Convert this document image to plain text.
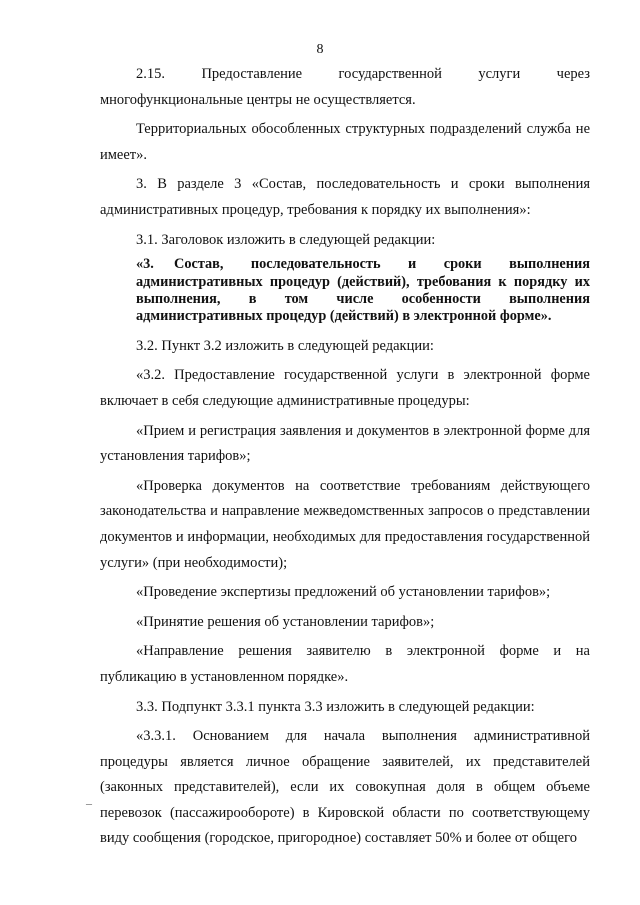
8
–

2.15. Предоставление государственной услуги через многофункциональные центры не осуществляется.

Территориальных обособленных структурных подразделений служба не имеет».

3. В разделе 3 «Состав, последовательность и сроки выполнения административных процедур, требования к порядку их выполнения»:

3.1. Заголовок изложить в следующей редакции:

«3. Состав, последовательность и сроки выполнения административных процедур (действий), требования к порядку их выполнения, в том числе особенности выполнения административных процедур (действий) в электронной форме».

3.2. Пункт 3.2 изложить в следующей редакции:

«3.2. Предоставление государственной услуги в электронной форме включает в себя следующие административные процедуры:

«Прием и регистрация заявления и документов в электронной форме для установления тарифов»;

«Проверка документов на соответствие требованиям действующего законодательства и направление межведомственных запросов о представлении документов и информации, необходимых для предоставления государственной услуги» (при необходимости);

«Проведение экспертизы предложений об установлении тарифов»;

«Принятие решения об установлении тарифов»;

«Направление решения заявителю в электронной форме и на публикацию в установленном порядке».

3.3. Подпункт 3.3.1 пункта 3.3 изложить в следующей редакции:

«3.3.1. Основанием для начала выполнения административной процедуры является личное обращение заявителей, их представителей (законных представителей), если их совокупная доля в общем объеме перевозок (пассажирообороте) в Кировской области по соответствующему виду сообщения (городское, пригородное) составляет 50% и более от общего
